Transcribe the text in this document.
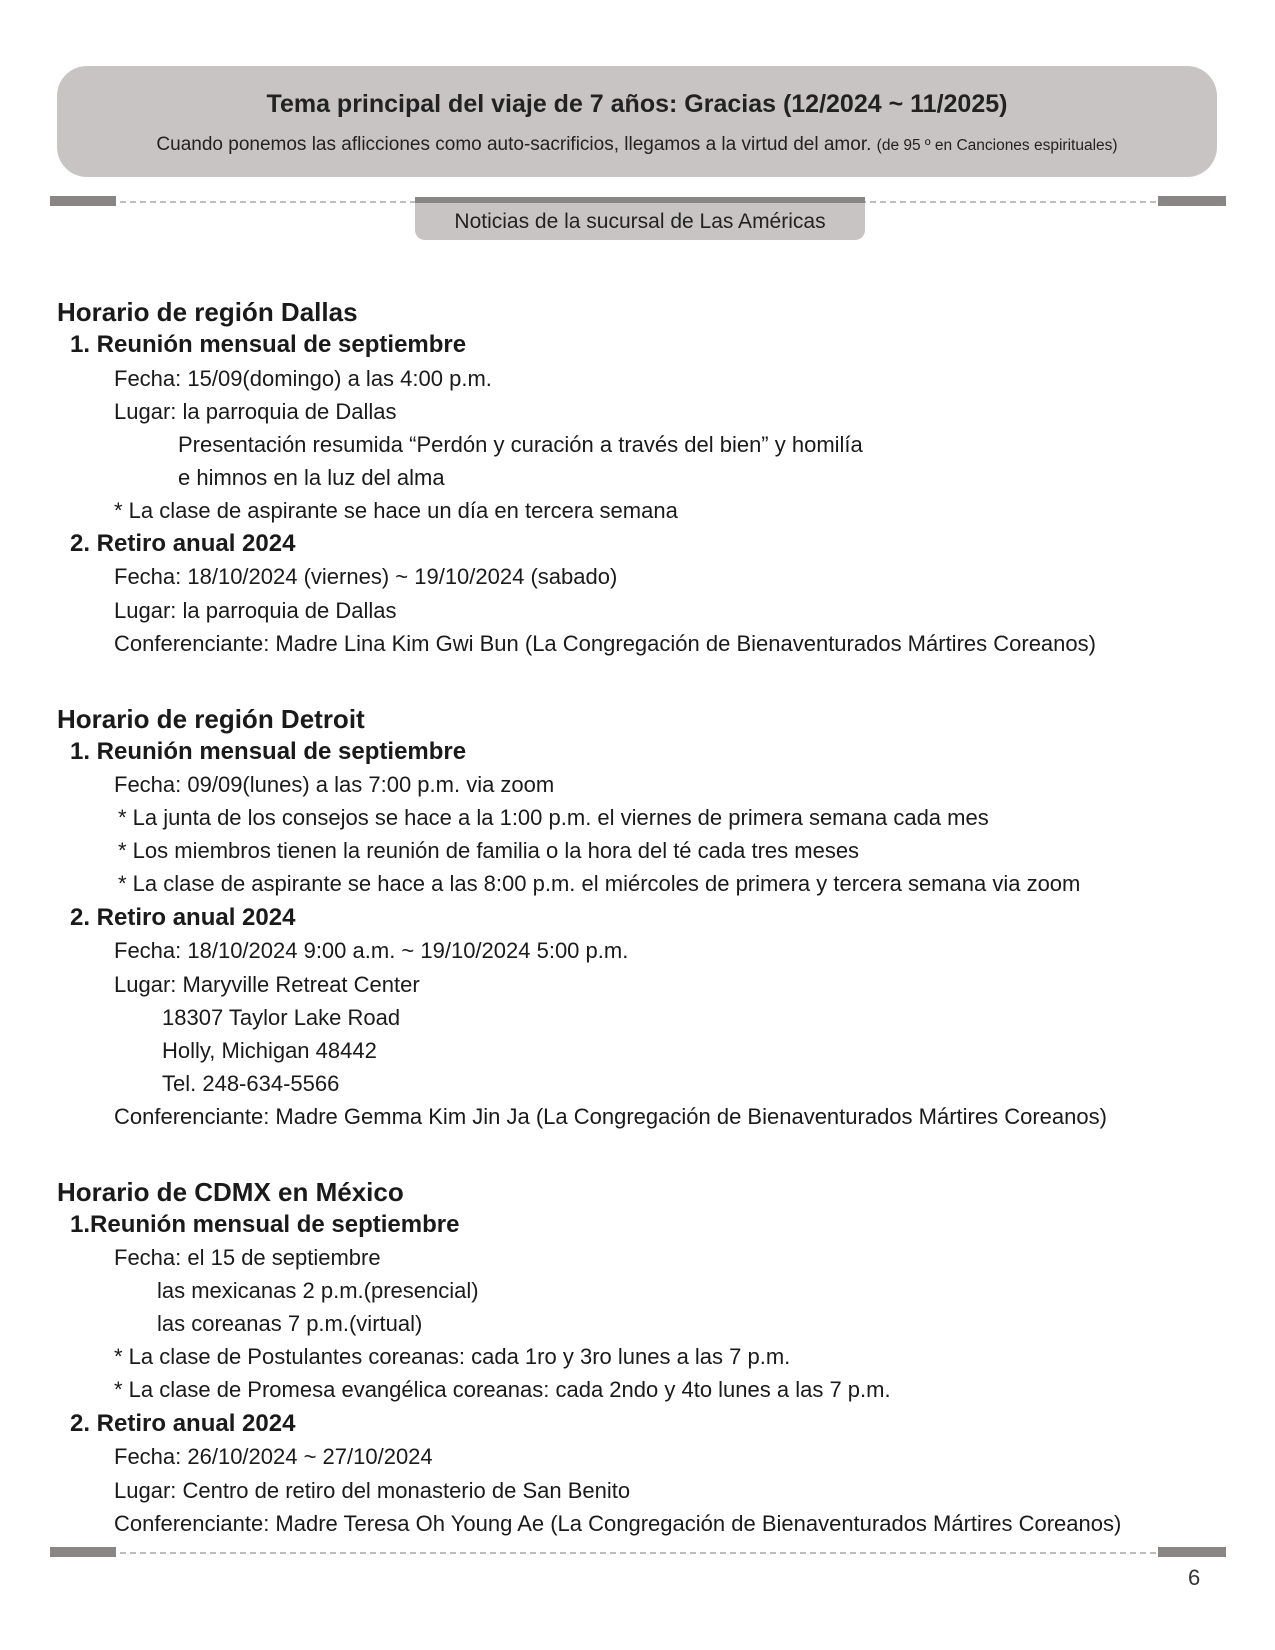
Tema principal del viaje de 7 años: Gracias (12/2024 ~ 11/2025)
Cuando ponemos las aflicciones como auto-sacrificios, llegamos a la virtud del amor. (de 95 º en Canciones espirituales)
Noticias de la sucursal de Las Américas
Horario de región Dallas
1. Reunión mensual de septiembre
Fecha: 15/09(domingo) a las 4:00 p.m.
Lugar: la parroquia de Dallas
Presentación resumida “Perdón y curación a través del bien” y homilía
e himnos en la luz del alma
* La clase de aspirante se hace un día en tercera semana
2. Retiro anual 2024
Fecha: 18/10/2024 (viernes) ~ 19/10/2024 (sabado)
Lugar: la parroquia de Dallas
Conferenciante: Madre Lina Kim Gwi Bun (La Congregación de Bienaventurados Mártires Coreanos)
Horario de región Detroit
1. Reunión mensual de septiembre
Fecha: 09/09(lunes) a las 7:00 p.m. via zoom
* La junta de los consejos se hace a la 1:00 p.m. el viernes de primera semana cada mes
* Los miembros tienen la reunión de familia o la hora del té cada tres meses
* La clase de aspirante se hace a las 8:00 p.m. el miércoles de primera y tercera semana via zoom
2. Retiro anual 2024
Fecha: 18/10/2024 9:00 a.m. ~ 19/10/2024 5:00 p.m.
Lugar: Maryville Retreat Center
18307 Taylor Lake Road
Holly, Michigan 48442
Tel. 248-634-5566
Conferenciante: Madre Gemma Kim Jin Ja (La Congregación de Bienaventurados Mártires Coreanos)
Horario de CDMX en México
1.Reunión mensual de septiembre
Fecha: el 15 de septiembre
las mexicanas 2 p.m.(presencial)
las coreanas 7 p.m.(virtual)
* La clase de Postulantes coreanas: cada 1ro y 3ro lunes a las 7 p.m.
* La clase de Promesa evangélica coreanas: cada 2ndo y 4to lunes a las 7 p.m.
2. Retiro anual 2024
Fecha: 26/10/2024 ~ 27/10/2024
Lugar: Centro de retiro del monasterio de San Benito
Conferenciante: Madre Teresa Oh Young Ae (La Congregación de Bienaventurados Mártires Coreanos)
6
